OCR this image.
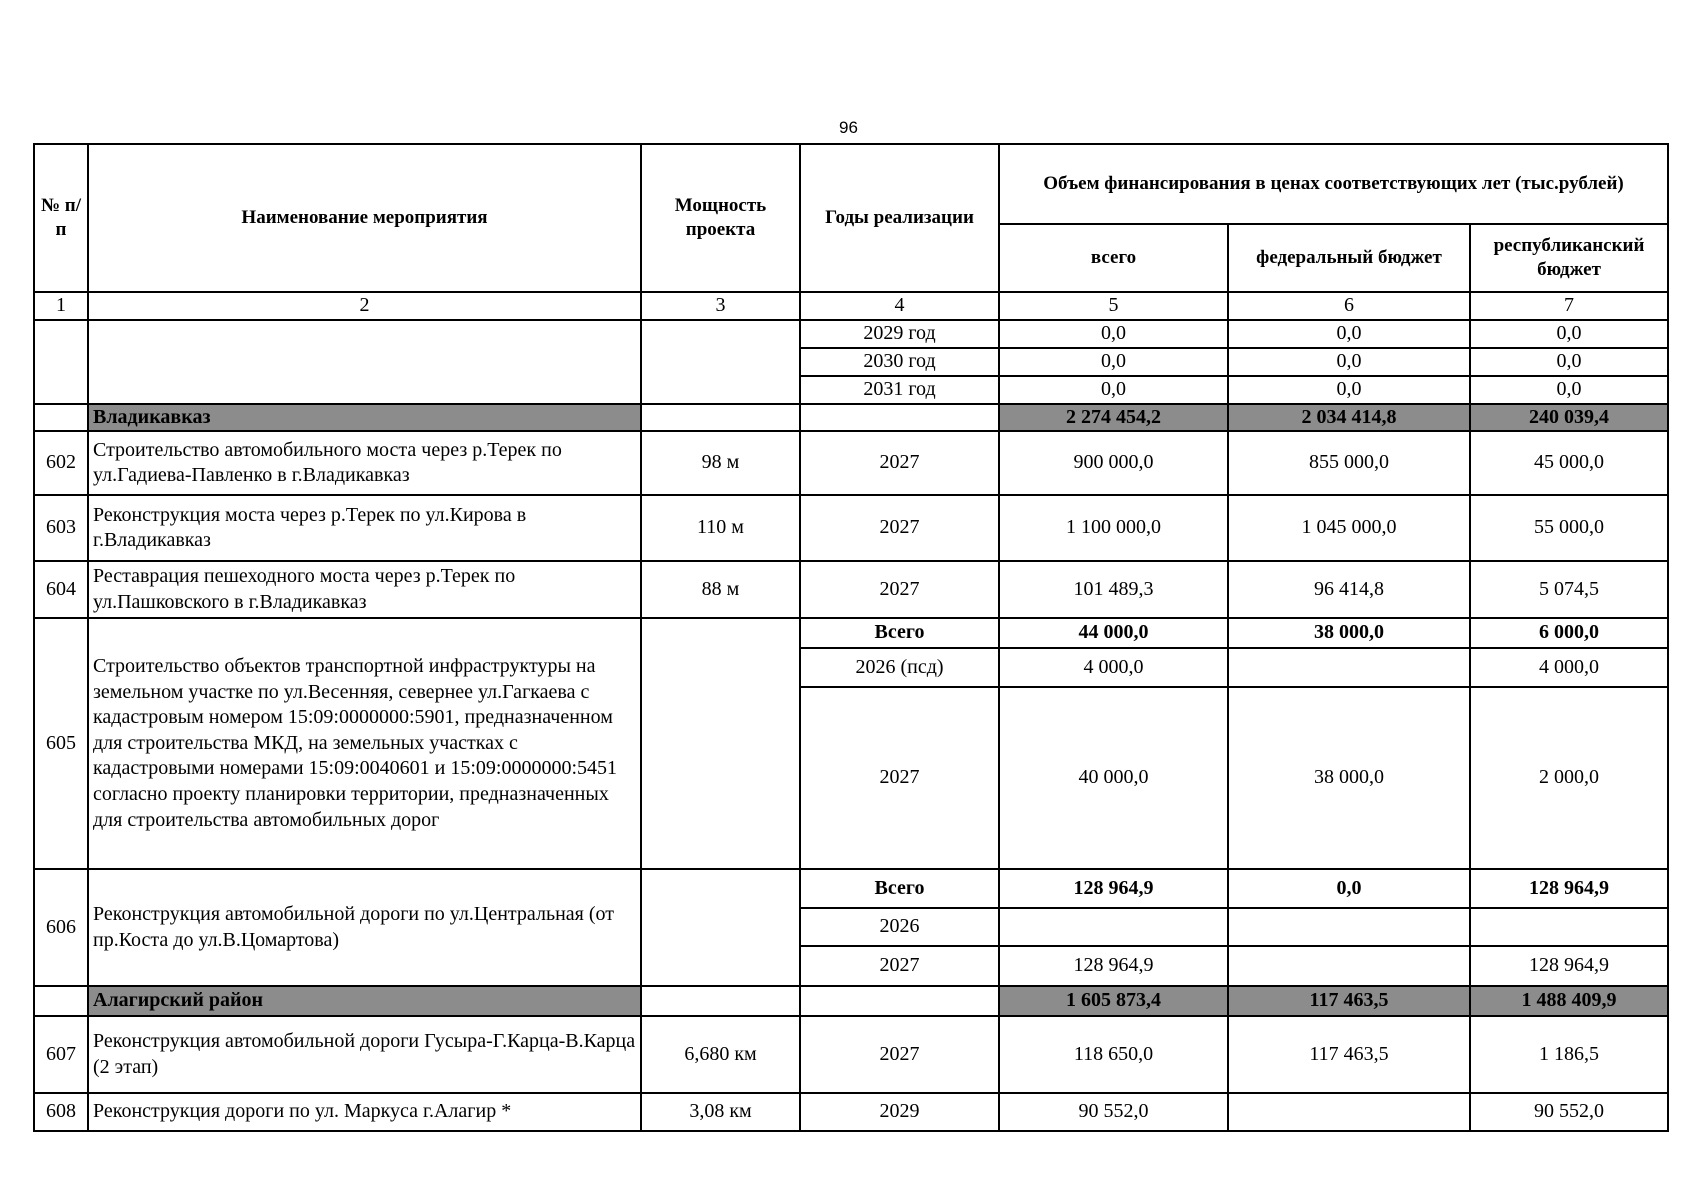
96
№ п/п	Наименование мероприятия	Мощность проекта	Годы реализации	Объем финансирования в ценах соответствующих лет (тыс.рублей)		
				всего	федеральный бюджет	республиканский бюджет
1	2	3	4	5	6	7
			2029 год	0,0	0,0	0,0
			2030 год	0,0	0,0	0,0
			2031 год	0,0	0,0	0,0
	Владикавказ			2 274 454,2	2 034 414,8	240 039,4
602	Строительство автомобильного моста через р.Терек по ул.Гадиева-Павленко в г.Владикавказ	98 м	2027	900 000,0	855 000,0	45 000,0
603	Реконструкция моста через р.Терек по ул.Кирова в г.Владикавказ	110 м	2027	1 100 000,0	1 045 000,0	55 000,0
604	Реставрация пешеходного моста через р.Терек по ул.Пашковского в г.Владикавказ	88 м	2027	101 489,3	96 414,8	5 074,5
605	Строительство объектов транспортной инфраструктуры на земельном участке по ул.Весенняя, севернее ул.Гагкаева с кадастровым номером 15:09:0000000:5901, предназначенном для строительства МКД, на земельных участках с кадастровыми номерами 15:09:0040601 и 15:09:0000000:5451 согласно проекту планировки территории, предназначенных для строительства автомобильных дорог		Всего	44 000,0	38 000,0	6 000,0
			2026 (псд)	4 000,0		4 000,0
			2027	40 000,0	38 000,0	2 000,0
606	Реконструкция автомобильной дороги по ул.Центральная (от пр.Коста до ул.В.Цомартова)		Всего	128 964,9	0,0	128 964,9
			2026			
			2027	128 964,9		128 964,9
	Алагирский район			1 605 873,4	117 463,5	1 488 409,9
607	Реконструкция автомобильной дороги Гусыра-Г.Карца-В.Карца (2 этап)	6,680 км	2027	118 650,0	117 463,5	1 186,5
608	Реконструкция дороги по ул. Маркуса г.Алагир *	3,08 км	2029	90 552,0		90 552,0
